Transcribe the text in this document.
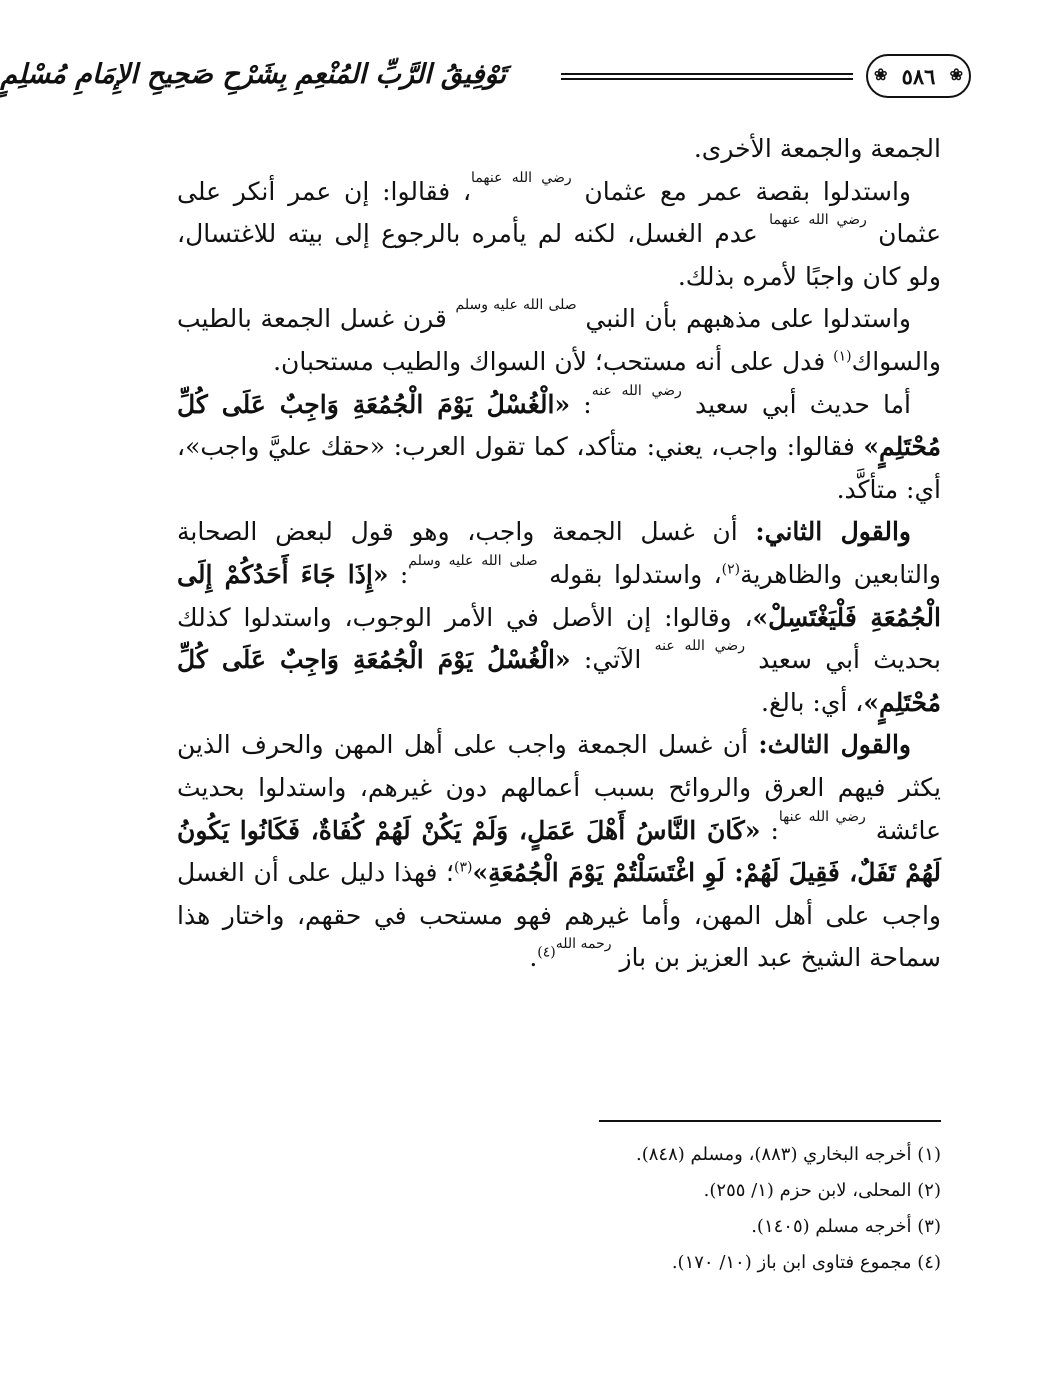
❀ ٥٨٦ ❀
تَوْفِيقُ الرَّبِّ المُنْعِمِ بِشَرْحِ صَحِيحِ الإِمَامِ مُسْلِمٍ

الجمعة والجمعة الأخرى.

واستدلوا بقصة عمر مع عثمان $^{رضي الله عنهما}$، فقالوا: إن عمر أنكر على عثمان $^{رضي الله عنهما}$ عدم الغسل، لكنه لم يأمره بالرجوع إلى بيته للاغتسال، ولو كان واجبًا لأمره بذلك.

واستدلوا على مذهبهم بأن النبي $^{صلى الله عليه وسلم}$ قرن غسل الجمعة بالطيب والسواك$^{(١)}$ فدل على أنه مستحب؛ لأن السواك والطيب مستحبان.

أما حديث أبي سعيد $^{رضي الله عنه}$: «الْغُسْلُ يَوْمَ الْجُمُعَةِ وَاجِبٌ عَلَى كُلِّ مُحْتَلِمٍ» فقالوا: واجب، يعني: متأكد، كما تقول العرب: «حقك عليَّ واجب»، أي: متأكَّد.

والقول الثاني: أن غسل الجمعة واجب، وهو قول لبعض الصحابة والتابعين والظاهرية$^{(٢)}$، واستدلوا بقوله $^{صلى الله عليه وسلم}$: «إِذَا جَاءَ أَحَدُكُمْ إِلَى الْجُمُعَةِ فَلْيَغْتَسِلْ»، وقالوا: إن الأصل في الأمر الوجوب، واستدلوا كذلك بحديث أبي سعيد $^{رضي الله عنه}$ الآتي: «الْغُسْلُ يَوْمَ الْجُمُعَةِ وَاجِبٌ عَلَى كُلِّ مُحْتَلِمٍ»، أي: بالغ.

والقول الثالث: أن غسل الجمعة واجب على أهل المهن والحرف الذين يكثر فيهم العرق والروائح بسبب أعمالهم دون غيرهم، واستدلوا بحديث عائشة $^{رضي الله عنها}$: «كَانَ النَّاسُ أَهْلَ عَمَلٍ، وَلَمْ يَكُنْ لَهُمْ كُفَاةٌ، فَكَانُوا يَكُونُ لَهُمْ تَفَلٌ، فَقِيلَ لَهُمْ: لَوِ اغْتَسَلْتُمْ يَوْمَ الْجُمُعَةِ»$^{(٣)}$؛ فهذا دليل على أن الغسل واجب على أهل المهن، وأما غيرهم فهو مستحب في حقهم، واختار هذا سماحة الشيخ عبد العزيز بن باز $^{رحمه الله(٤)}$.

(١) أخرجه البخاري (٨٨٣)، ومسلم (٨٤٨).
(٢) المحلى، لابن حزم (١/ ٢٥٥).
(٣) أخرجه مسلم (١٤٠٥).
(٤) مجموع فتاوى ابن باز (١٠/ ١٧٠).
